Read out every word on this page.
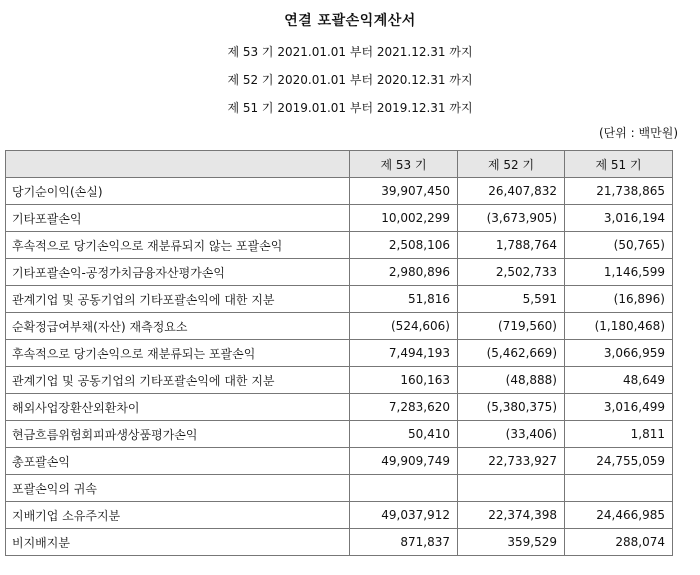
연결 포괄손익계산서
제 53 기 2021.01.01 부터 2021.12.31 까지
제 52 기 2020.01.01 부터 2020.12.31 까지
제 51 기 2019.01.01 부터 2019.12.31 까지
(단위 : 백만원)
	제 53 기	제 52 기	제 51 기
당기순이익(손실)	39,907,450	26,407,832	21,738,865
기타포괄손익	10,002,299	(3,673,905)	3,016,194
후속적으로 당기손익으로 재분류되지 않는 포괄손익	2,508,106	1,788,764	(50,765)
기타포괄손익-공정가치금융자산평가손익	2,980,896	2,502,733	1,146,599
관계기업 및 공동기업의 기타포괄손익에 대한 지분	51,816	5,591	(16,896)
순확정급여부채(자산) 재측정요소	(524,606)	(719,560)	(1,180,468)
후속적으로 당기손익으로 재분류되는 포괄손익	7,494,193	(5,462,669)	3,066,959
관계기업 및 공동기업의 기타포괄손익에 대한 지분	160,163	(48,888)	48,649
해외사업장환산외환차이	7,283,620	(5,380,375)	3,016,499
현금흐름위험회피파생상품평가손익	50,410	(33,406)	1,811
총포괄손익	49,909,749	22,733,927	24,755,059
포괄손익의 귀속			
지배기업 소유주지분	49,037,912	22,374,398	24,466,985
비지배지분	871,837	359,529	288,074
